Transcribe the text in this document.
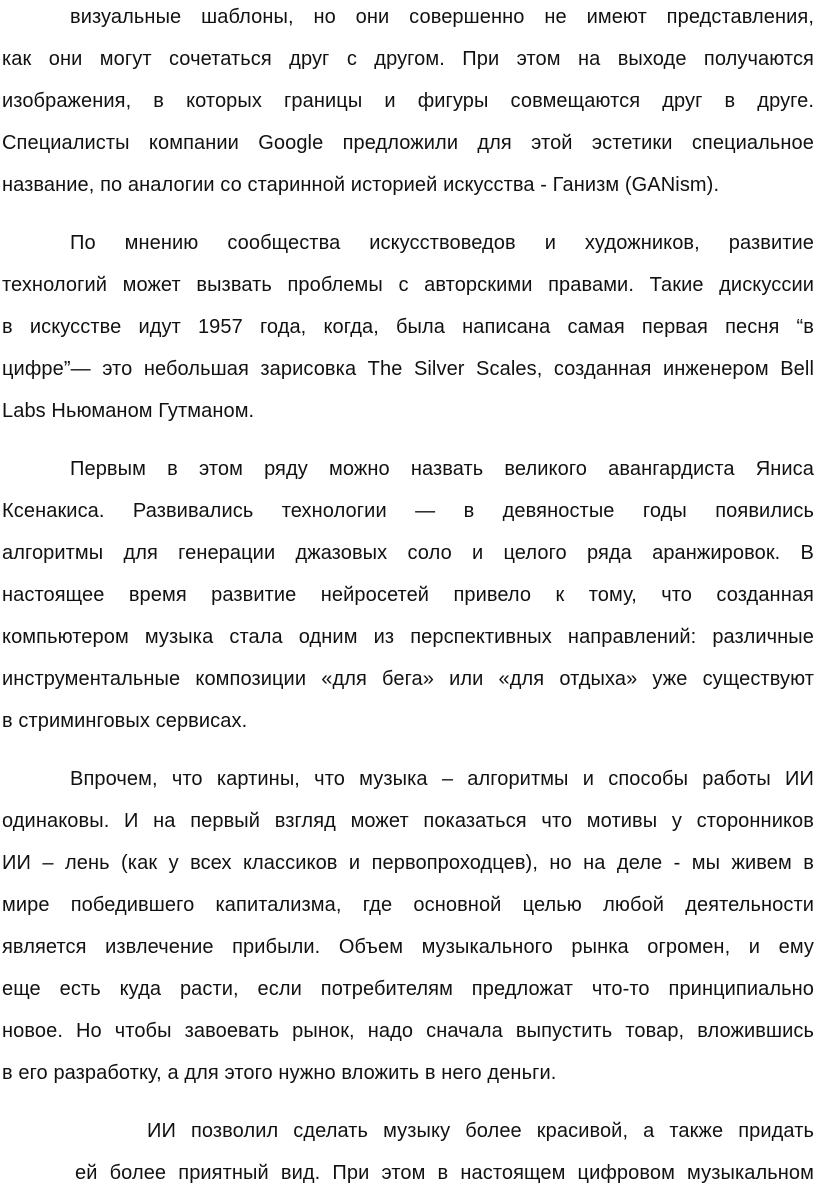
визуальные шаблоны, но они совершенно не имеют представления,
как они могут сочетаться друг с другом. При этом на выходе получаются
изображения, в которых границы и фигуры совмещаются друг в друге.
Специалисты компании Google предложили для этой эстетики специальное
название, по аналогии со старинной историей искусства - Ганизм (GANism).
По мнению сообщества искусствоведов и художников, развитие
технологий может вызвать проблемы с авторскими правами. Такие дискуссии
в искусстве идут 1957 года, когда, была написана самая первая песня “в
цифре”— это небольшая зарисовка The Silver Scales, созданная инженером Bell
Labs Ньюманом Гутманом.
Первым в этом ряду можно назвать великого авангардиста Яниса
Ксенакиса. Развивались технологии — в девяностые годы появились
алгоритмы для генерации джазовых соло и целого ряда аранжировок. В
настоящее время развитие нейросетей привело к тому, что созданная
компьютером музыка стала одним из перспективных направлений: различные
инструментальные композиции «для бега» или «для отдыха» уже существуют
в стриминговых сервисах.
Впрочем, что картины, что музыка – алгоритмы и способы работы ИИ
одинаковы. И на первый взгляд может показаться что мотивы у сторонников
ИИ – лень (как у всех классиков и первопроходцев), но на деле - мы живем в
мире победившего капитализма, где основной целью любой деятельности
является извлечение прибыли. Объем музыкального рынка огромен, и ему
еще есть куда расти, если потребителям предложат что-то принципиально
новое. Но чтобы завоевать рынок, надо сначала выпустить товар, вложившись
в его разработку, а для этого нужно вложить в него деньги.
ИИ позволил сделать музыку более красивой, а также придать
ей более приятный вид. При этом в настоящем цифровом музыкальном
